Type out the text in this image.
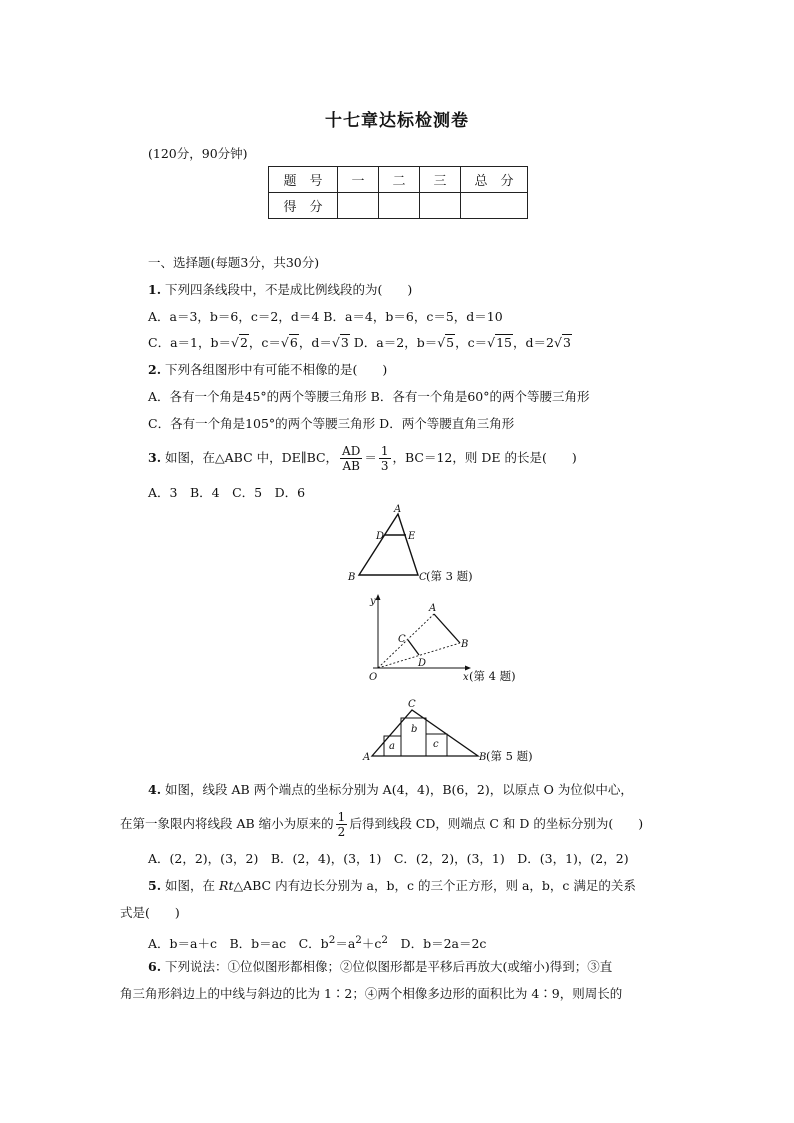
十七章达标检测卷
(120分，90分钟)
题　号	一	二	三	总　分
得　分				
一、选择题(每题3分，共30分)
1. 下列四条线段中，不是成比例线段的为(　　)
A．a＝3，b＝6，c＝2，d＝4 B．a＝4，b＝6，c＝5，d＝10
C．a＝1，b＝√2，c＝√6，d＝√3 D．a＝2，b＝√5，c＝√15，d＝2√3
2. 下列各组图形中有可能不相像的是(　　)
A．各有一个角是45°的两个等腰三角形 B．各有一个角是60°的两个等腰三角形
C．各有一个角是105°的两个等腰三角形 D．两个等腰直角三角形
3. 如图，在△ABC 中，DE∥BC， $\frac{AD}{AB} = \frac{1}{3}$ ，BC＝12，则 DE 的长是(　　)
A．3　B．4　C．5　D．6
A
D E
B	C (第 3 题)
y
x
O
A
B
C
D
(第 4 题)
C
A	B
a
b
c
(第 5 题)
4. 如图，线段 AB 两个端点的坐标分别为 A(4，4)，B(6，2)，以原点 O 为位似中心，
在第一象限内将线段 AB 缩小为原来的 $\frac{1}{2}$ 后得到线段 CD，则端点 C 和 D 的坐标分别为(　　)
A．(2，2)，(3，2)　B．(2，4)，(3，1)　C．(2，2)，(3，1)　D．(3，1)，(2，2)
5. 如图，在 Rt△ABC 内有边长分别为 a，b，c 的三个正方形，则 a，b，c 满足的关系
式是(　　)
A．b＝a＋c　B．b＝ac　C．$b^2=a^2+c^2$　D．b＝2a＝2c
6. 下列说法：①位似图形都相像；②位似图形都是平移后再放大(或缩小)得到；③直
角三角形斜边上的中线与斜边的比为 1∶2；④两个相像多边形的面积比为 4∶9，则周长的
